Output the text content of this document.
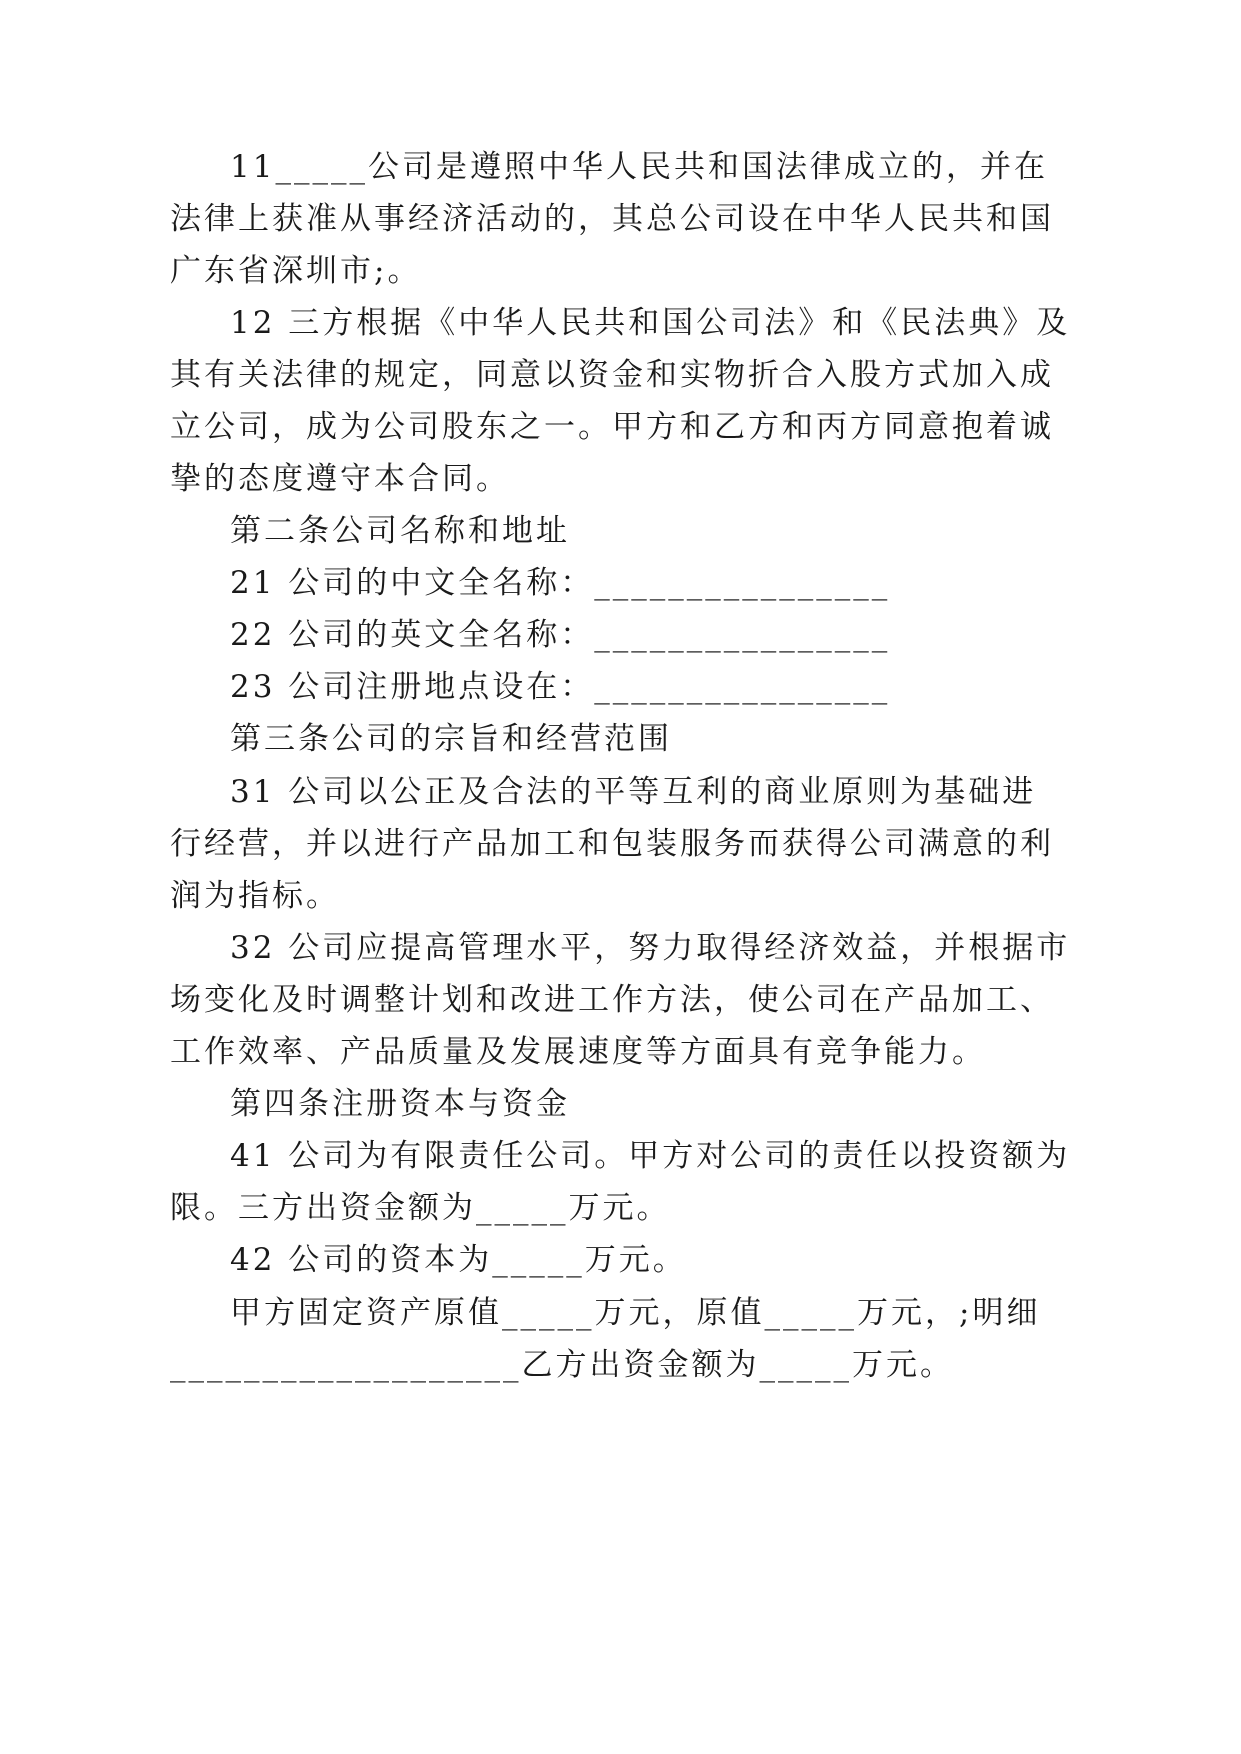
11_____公司是遵照中华人民共和国法律成立的，并在
法律上获准从事经济活动的，其总公司设在中华人民共和国
广东省深圳市;。
12 三方根据《中华人民共和国公司法》和《民法典》及
其有关法律的规定，同意以资金和实物折合入股方式加入成
立公司，成为公司股东之一。甲方和乙方和丙方同意抱着诚
挚的态度遵守本合同。
第二条公司名称和地址
21 公司的中文全名称：________________
22 公司的英文全名称：________________
23 公司注册地点设在：________________
第三条公司的宗旨和经营范围
31 公司以公正及合法的平等互利的商业原则为基础进
行经营，并以进行产品加工和包装服务而获得公司满意的利
润为指标。
32 公司应提高管理水平，努力取得经济效益，并根据市
场变化及时调整计划和改进工作方法，使公司在产品加工、
工作效率、产品质量及发展速度等方面具有竞争能力。
第四条注册资本与资金
41 公司为有限责任公司。甲方对公司的责任以投资额为
限。三方出资金额为_____万元。
42 公司的资本为_____万元。
甲方固定资产原值_____万元，原值_____万元，;明细
___________________乙方出资金额为_____万元。
